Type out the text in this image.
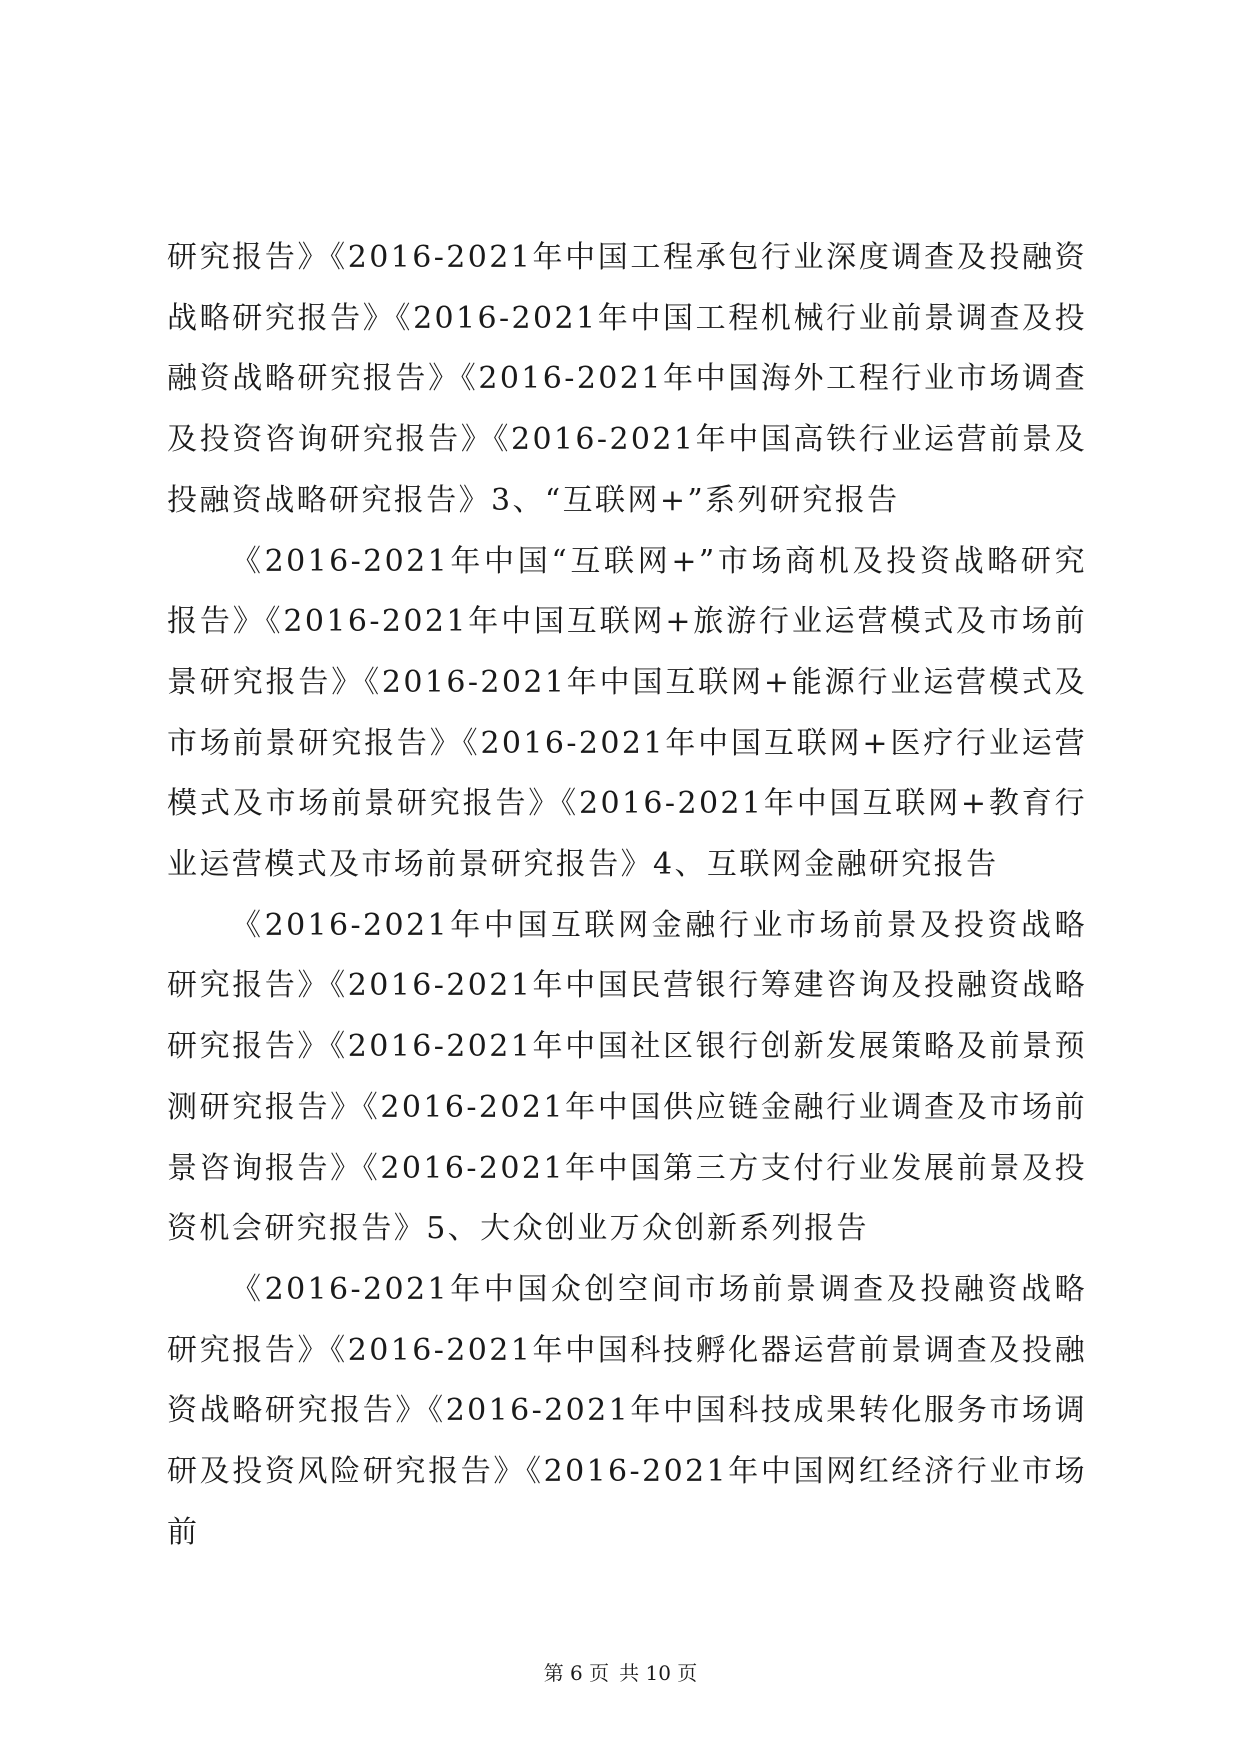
研究报告》《2016-2021年中国工程承包行业深度调查及投融资战略研究报告》《2016-2021年中国工程机械行业前景调查及投融资战略研究报告》《2016-2021年中国海外工程行业市场调查及投资咨询研究报告》《2016-2021年中国高铁行业运营前景及投融资战略研究报告》3、“互联网+”系列研究报告

《2016-2021年中国“互联网+”市场商机及投资战略研究报告》《2016-2021年中国互联网+旅游行业运营模式及市场前景研究报告》《2016-2021年中国互联网+能源行业运营模式及市场前景研究报告》《2016-2021年中国互联网+医疗行业运营模式及市场前景研究报告》《2016-2021年中国互联网+教育行业运营模式及市场前景研究报告》4、互联网金融研究报告

《2016-2021年中国互联网金融行业市场前景及投资战略研究报告》《2016-2021年中国民营银行筹建咨询及投融资战略研究报告》《2016-2021年中国社区银行创新发展策略及前景预测研究报告》《2016-2021年中国供应链金融行业调查及市场前景咨询报告》《2016-2021年中国第三方支付行业发展前景及投资机会研究报告》5、大众创业万众创新系列报告

《2016-2021年中国众创空间市场前景调查及投融资战略研究报告》《2016-2021年中国科技孵化器运营前景调查及投融资战略研究报告》《2016-2021年中国科技成果转化服务市场调研及投资风险研究报告》《2016-2021年中国网红经济行业市场前

第 6 页 共 10 页
